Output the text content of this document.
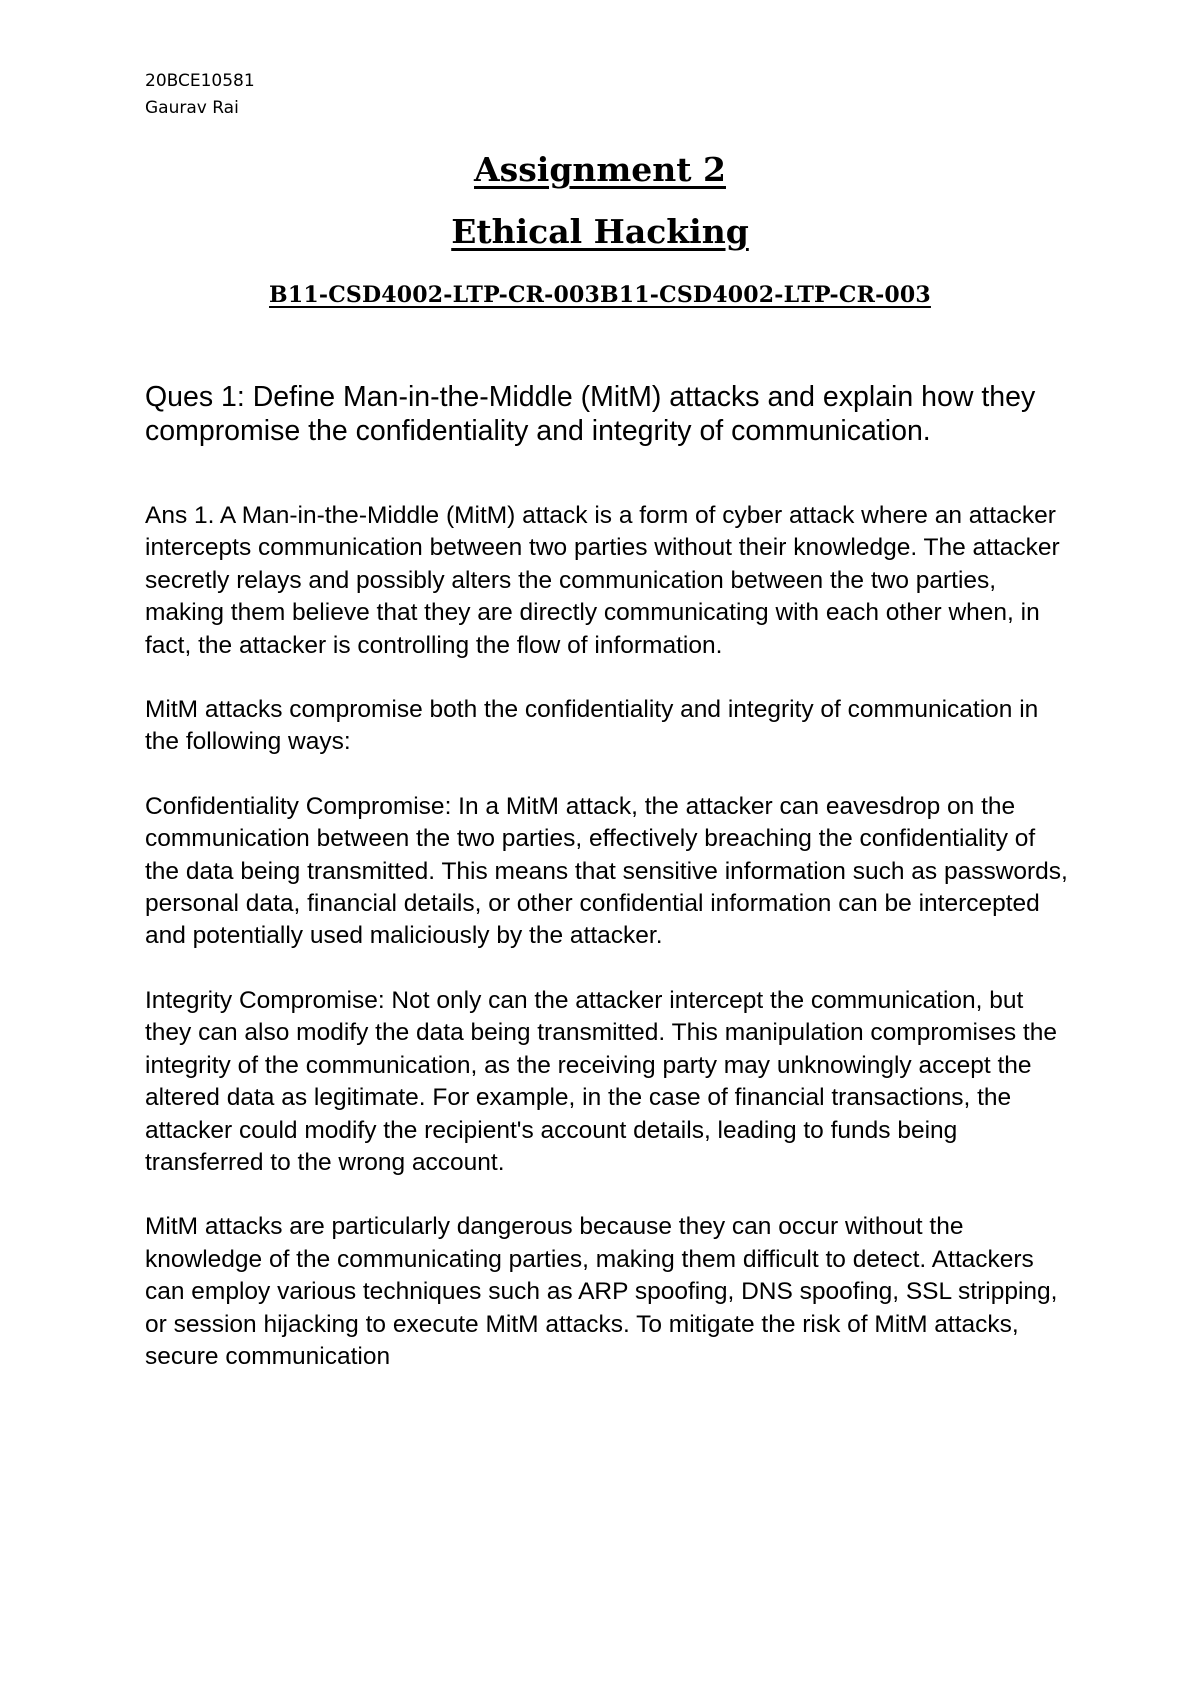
20BCE10581
Gaurav Rai
Assignment 2
Ethical Hacking
B11-CSD4002-LTP-CR-003B11-CSD4002-LTP-CR-003

Ques 1: Define Man-in-the-Middle (MitM) attacks and explain how they compromise the confidentiality and integrity of communication.

Ans 1. A Man-in-the-Middle (MitM) attack is a form of cyber attack where an attacker intercepts communication between two parties without their knowledge. The attacker secretly relays and possibly alters the communication between the two parties, making them believe that they are directly communicating with each other when, in fact, the attacker is controlling the flow of information.

MitM attacks compromise both the confidentiality and integrity of communication in the following ways:

Confidentiality Compromise: In a MitM attack, the attacker can eavesdrop on the communication between the two parties, effectively breaching the confidentiality of the data being transmitted. This means that sensitive information such as passwords, personal data, financial details, or other confidential information can be intercepted and potentially used maliciously by the attacker.

Integrity Compromise: Not only can the attacker intercept the communication, but they can also modify the data being transmitted. This manipulation compromises the integrity of the communication, as the receiving party may unknowingly accept the altered data as legitimate. For example, in the case of financial transactions, the attacker could modify the recipient's account details, leading to funds being transferred to the wrong account.

MitM attacks are particularly dangerous because they can occur without the knowledge of the communicating parties, making them difficult to detect. Attackers can employ various techniques such as ARP spoofing, DNS spoofing, SSL stripping, or session hijacking to execute MitM attacks. To mitigate the risk of MitM attacks, secure communication
